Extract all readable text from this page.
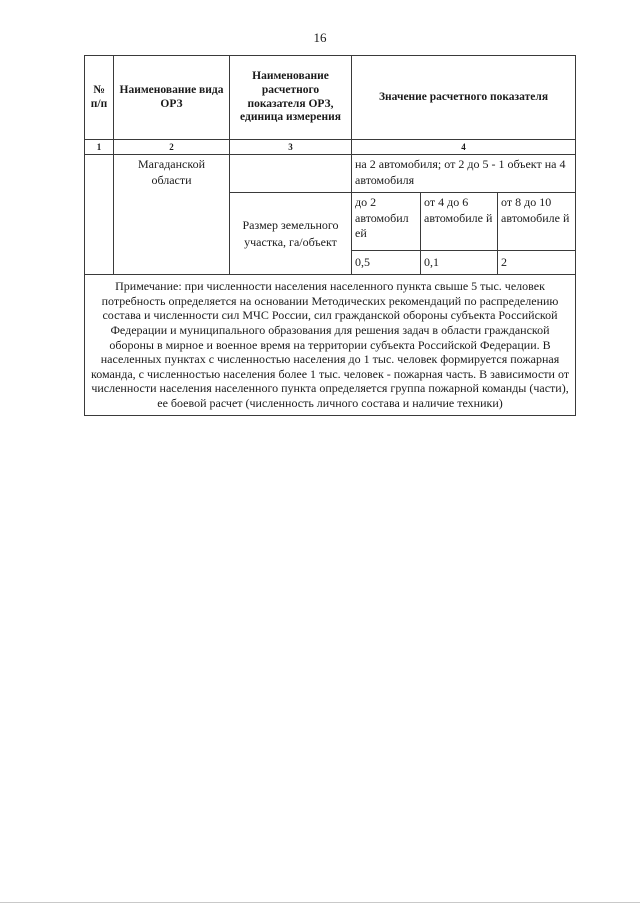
16
№ п/п	Наименование вида ОРЗ	Наименование расчетного показателя ОРЗ, единица измерения	Значение расчетного показателя		
1	2	3	4		
	Магаданской области		на 2 автомобиля; от 2 до 5 - 1 объект на 4 автомобиля		
		Размер земельного участка, га/объект	до 2 автомобил ей	от 4 до 6 автомобиле й	от 8 до 10 автомобиле й
			0,5	0,1	2
Примечание: при численности населения населенного пункта свыше 5 тыс. человек потребность определяется на основании Методических рекомендаций по распределению состава и численности сил МЧС России, сил гражданской обороны субъекта Российской Федерации и муниципального образования для решения задач в области гражданской обороны в мирное и военное время на территории субъекта Российской Федерации. В населенных пунктах с численностью населения до 1 тыс. человек формируется пожарная команда, с численностью населения более 1 тыс. человек - пожарная часть. В зависимости от численности населения населенного пункта определяется группа пожарной команды (части), ее боевой расчет (численность личного состава и наличие техники)					
